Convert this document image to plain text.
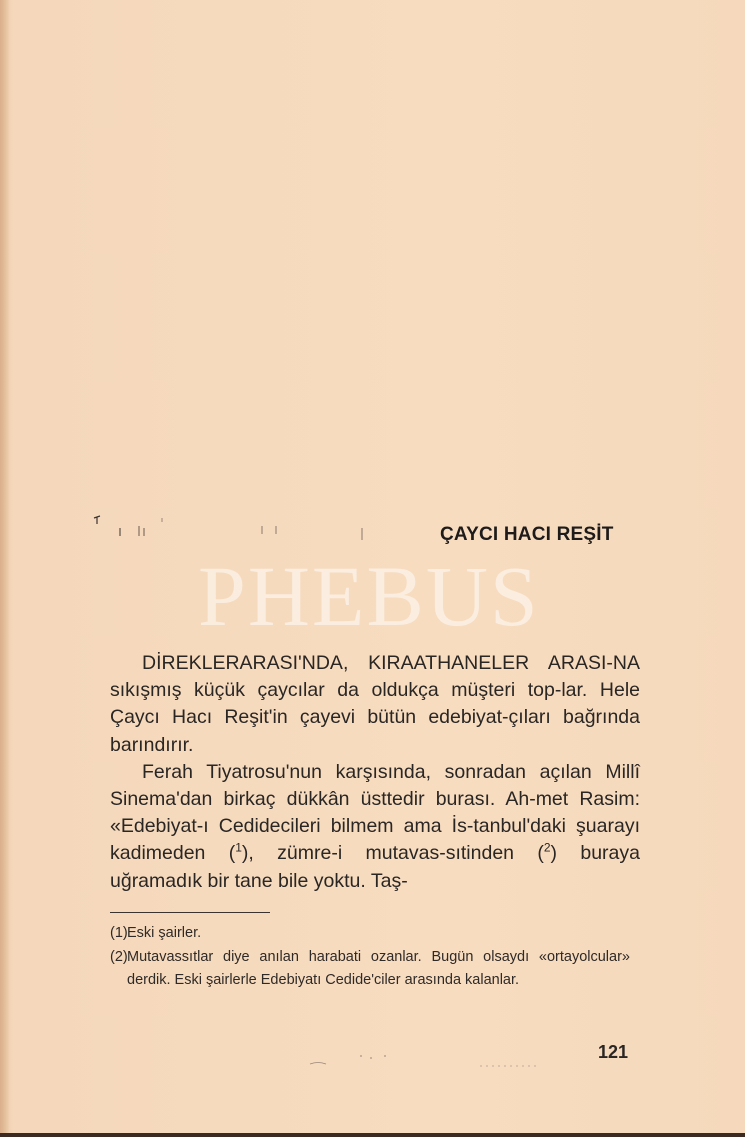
PHEBUS
ÇAYCI HACI REŞİT

DİREKLERARASI'NDA, KIRAATHANELER ARASI-NA sıkışmış küçük çaycılar da oldukça müşteri top-lar. Hele Çaycı Hacı Reşit'in çayevi bütün edebiyat-çıları bağrında barındırır.

Ferah Tiyatrosu'nun karşısında, sonradan açılan Millî Sinema'dan birkaç dükkân üsttedir burası. Ah-met Rasim: «Edebiyat-ı Cedidecileri bilmem ama İs-tanbul'daki şuarayı kadimeden ($^1$), zümre-i mutavas-sıtinden ($^2$) buraya uğramadık bir tane bile yoktu. Taş-

(1) Eski şairler.

(2) Mutavassıtlar diye anılan harabati ozanlar. Bugün olsaydı «ortayolcular» derdik. Eski şairlerle Edebiyatı Cedide'ciler arasında kalanlar.

121
